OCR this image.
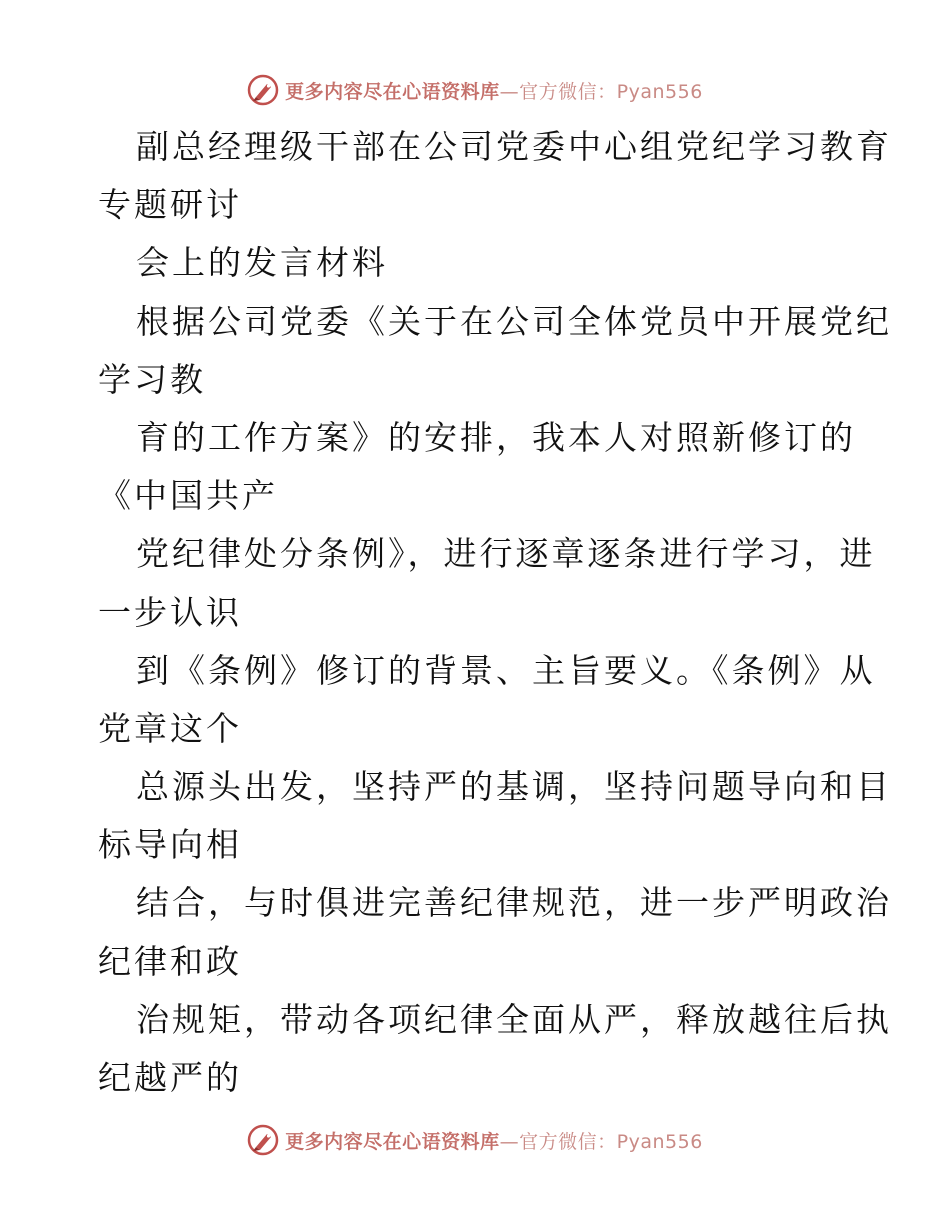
更多内容尽在心语资料库—官方微信：Pyan556
副总经理级干部在公司党委中心组党纪学习教育
专题研讨
会上的发言材料
根据公司党委《关于在公司全体党员中开展党纪
学习教
育的工作方案》的安排，我本人对照新修订的
《中国共产
党纪律处分条例》，进行逐章逐条进行学习，进
一步认识
到《条例》修订的背景、主旨要义。《条例》从
党章这个
总源头出发，坚持严的基调，坚持问题导向和目
标导向相
结合，与时俱进完善纪律规范，进一步严明政治
纪律和政
治规矩，带动各项纪律全面从严，释放越往后执
纪越严的
更多内容尽在心语资料库—官方微信：Pyan556
